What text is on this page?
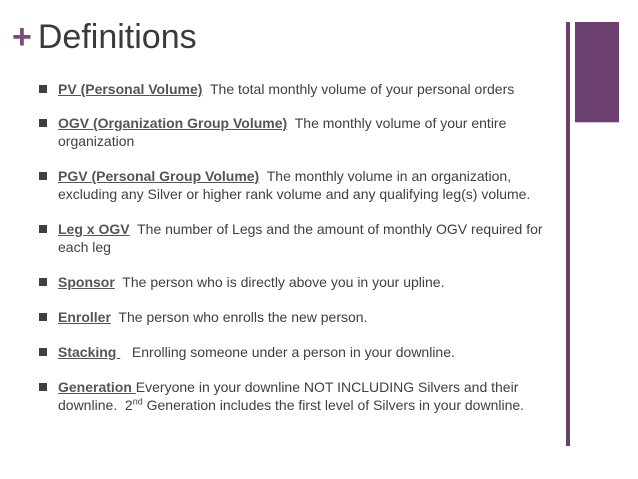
+ Definitions
PV (Personal Volume)  The total monthly volume of your personal orders
OGV (Organization Group Volume)  The monthly volume of your entire organization
PGV (Personal Group Volume)  The monthly volume in an organization, excluding any Silver or higher rank volume and any qualifying leg(s) volume.
Leg x OGV  The number of Legs and the amount of monthly OGV required for each leg
Sponsor  The person who is directly above you in your upline.
Enroller  The person who enrolls the new person.
Stacking    Enrolling someone under a person in your downline.
Generation Everyone in your downline NOT INCLUDING Silvers and their downline.  2nd Generation includes the first level of Silvers in your downline.
